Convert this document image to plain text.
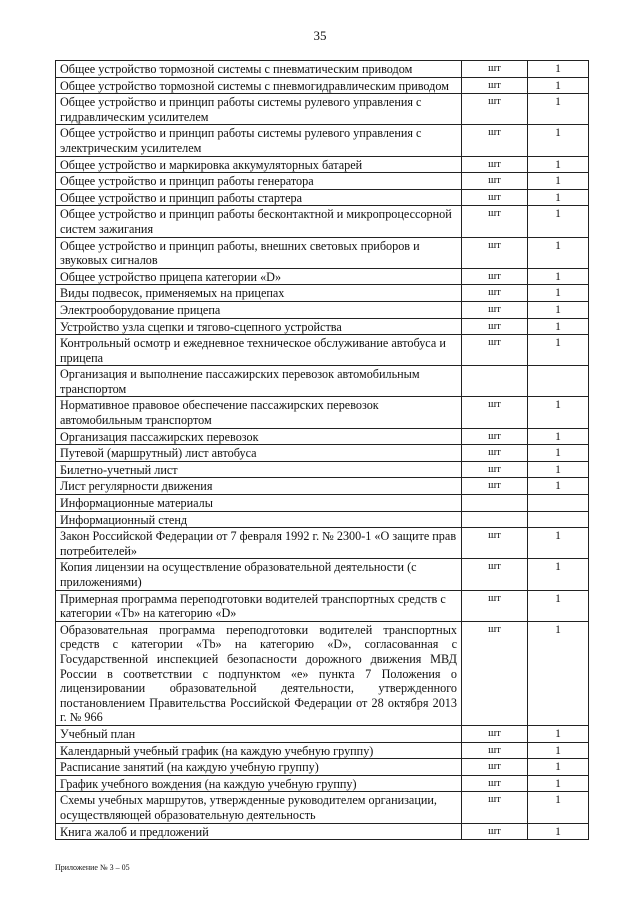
35
Общее устройство тормозной системы с пневматическим приводом	шт	1
Общее устройство тормозной системы с пневмогидравлическим приводом	шт	1
Общее устройство и принцип работы системы рулевого управления с гидравлическим усилителем	шт	1
Общее устройство и принцип работы системы рулевого управления с электрическим усилителем	шт	1
Общее устройство и маркировка аккумуляторных батарей	шт	1
Общее устройство и принцип работы генератора	шт	1
Общее устройство и принцип работы стартера	шт	1
Общее устройство и принцип работы бесконтактной и микропроцессорной систем зажигания	шт	1
Общее устройство и принцип работы, внешних световых приборов и звуковых сигналов	шт	1
Общее устройство прицепа категории «D»	шт	1
Виды подвесок, применяемых на прицепах	шт	1
Электрооборудование прицепа	шт	1
Устройство узла сцепки и тягово-сцепного устройства	шт	1
Контрольный осмотр и ежедневное техническое обслуживание автобуса и прицепа	шт	1
Организация и выполнение пассажирских перевозок автомобильным транспортом		
Нормативное правовое обеспечение пассажирских перевозок автомобильным транспортом	шт	1
Организация пассажирских перевозок	шт	1
Путевой (маршрутный) лист автобуса	шт	1
Билетно-учетный лист	шт	1
Лист регулярности движения	шт	1
Информационные материалы		
Информационный стенд		
Закон Российской Федерации от 7 февраля 1992 г. № 2300-1 «О защите прав потребителей»	шт	1
Копия лицензии на осуществление образовательной деятельности (с приложениями)	шт	1
Примерная программа переподготовки водителей транспортных средств с категории «Tb» на категорию «D»	шт	1
Образовательная программа переподготовки водителей транспортных средств с категории «Tb» на категорию «D», согласованная с Государственной инспекцией безопасности дорожного движения МВД России в соответствии с подпунктом «е» пункта 7 Положения о лицензировании образовательной деятельности, утвержденного постановлением Правительства Российской Федерации от 28 октября 2013 г. № 966	шт	1
Учебный план	шт	1
Календарный учебный график (на каждую учебную группу)	шт	1
Расписание занятий (на каждую учебную группу)	шт	1
График учебного вождения (на каждую учебную группу)	шт	1
Схемы учебных маршрутов, утвержденные руководителем организации, осуществляющей образовательную деятельность	шт	1
Книга жалоб и предложений	шт	1
Приложение № 3 – 05
